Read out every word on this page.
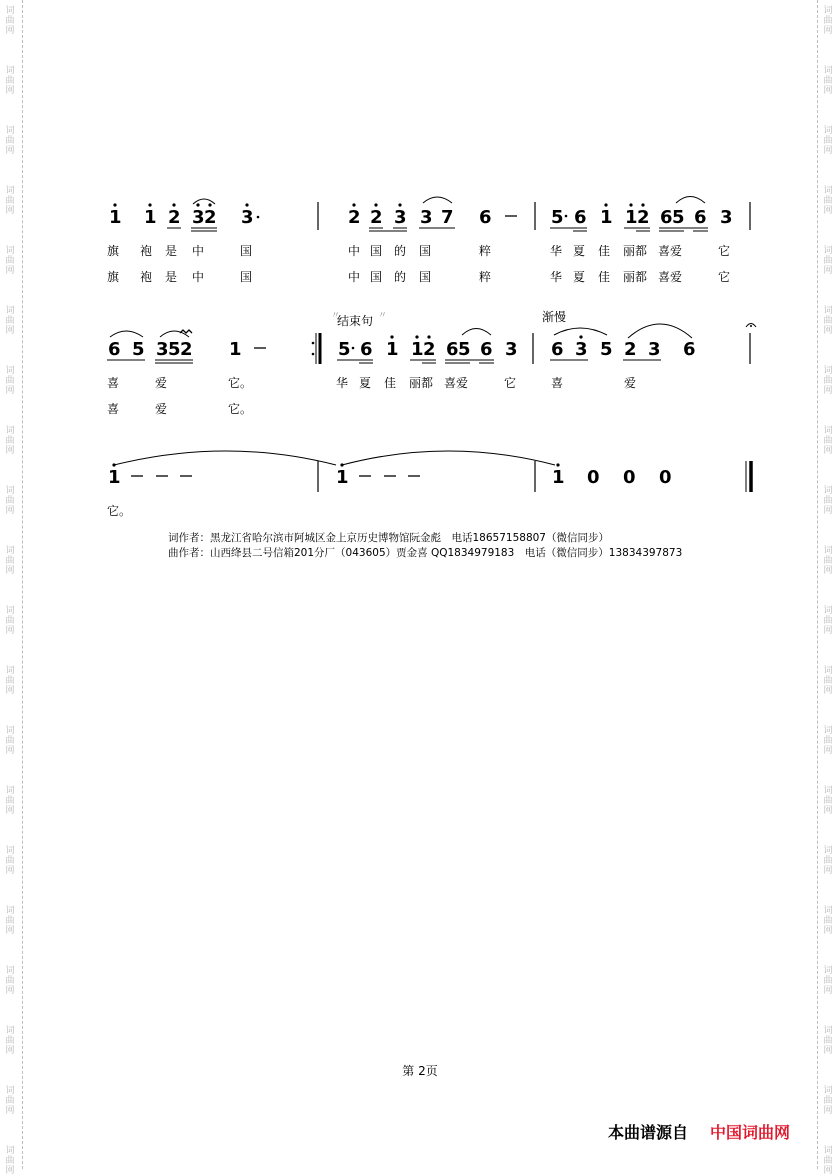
词
曲
网
词
曲
网
词
曲
网
词
曲
网
词
曲
网
词
曲
网
词
曲
网
词
曲
网
词
曲
网
词
曲
网
词
曲
网
词
曲
网
词
曲
网
词
曲
网
词
曲
网
词
曲
网
词
曲
网
词
曲
网
词
曲
网
词
曲
网
词
曲
网
词
曲
网
词
曲
网
词
曲
网
词
曲
网
词
曲
网
词
曲
网
词
曲
网
词
曲
网
词
曲
网
词
曲
网
词
曲
网
词
曲
网
词
曲
网
词
曲
网
词
曲
网
词
曲
网
词
曲
网
词
曲
网
词
曲
网
1 1 2 3 2 3	2 2 3 3 7 6	5 6 1 1 2 6 5 6 3
6 5 3 5 2 1	5 6 1 1 2 6 5 6 3 6 3 5 2 3 6
结束句
〃	〃	渐慢
1	1	1 0 0 0
旗 袍 是 中	国	中 国 的 国	粹	华 夏 佳 丽都 喜爱	它
旗 袍 是 中	国	中 国 的 国	粹	华 夏 佳 丽都 喜爱	它
喜	爱	它。	华 夏 佳 丽都 喜爱	它	喜	爱
喜	爱	它。
它。
词作者：黑龙江省哈尔滨市阿城区金上京历史博物馆阮金彪　电话18657158807（微信同步）
曲作者：山西绛县二号信箱201分厂（043605）贾金喜 QQ1834979183　电话（微信同步）13834397873
第 2页
本曲谱源自 中国词曲网
